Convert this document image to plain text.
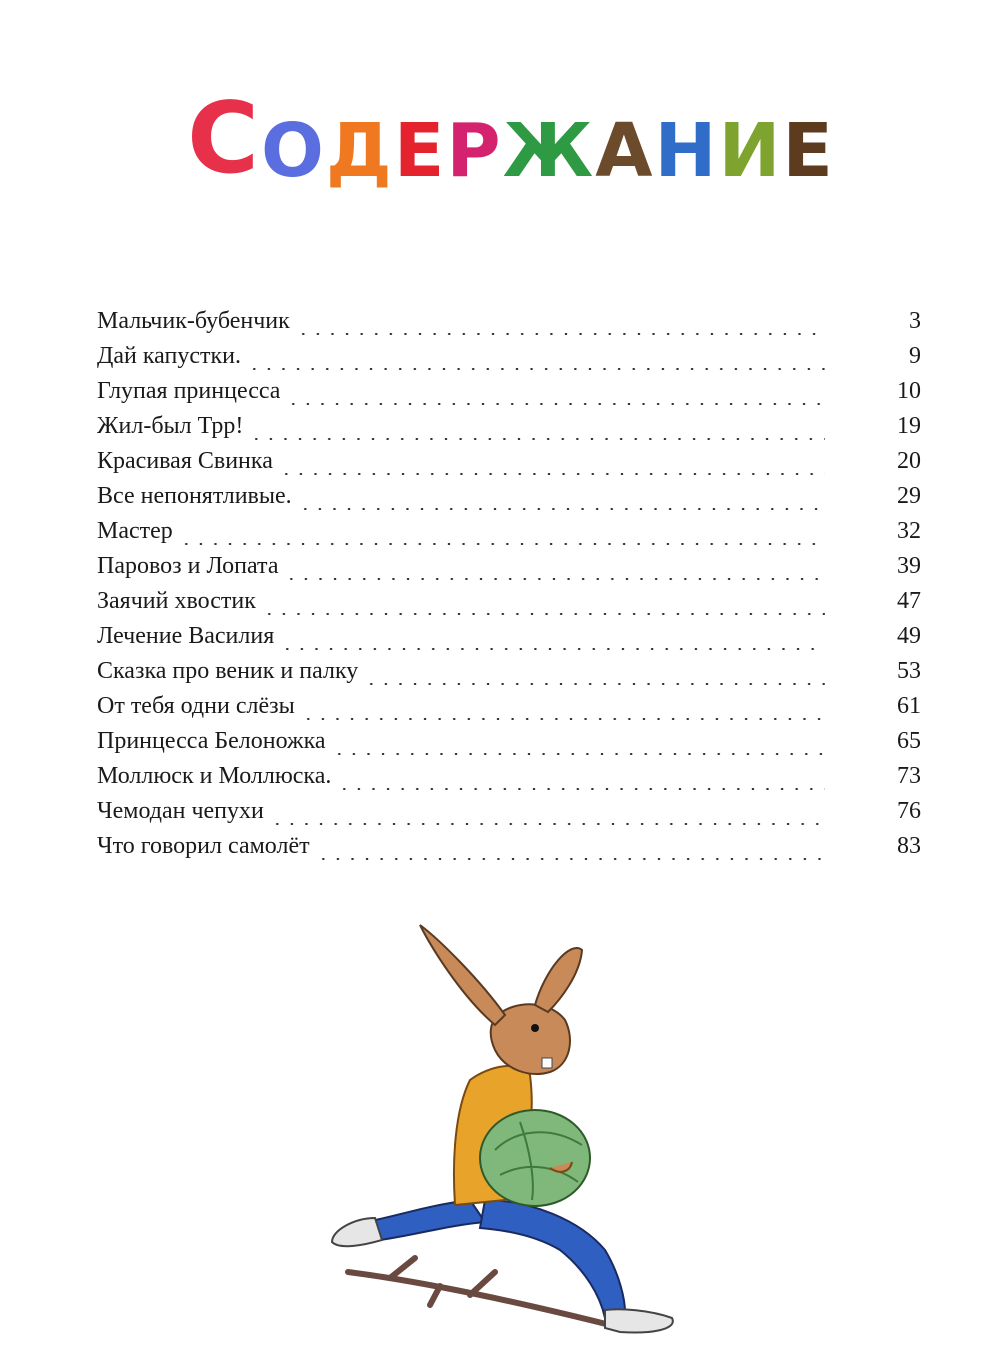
С О Д Е Р Ж А Н И Е
Мальчик-бубенчик	3
Дай капустки.	9
Глупая принцесса	10
Жил-был Трр!	19
Красивая Свинка	20
Все непонятливые.	29
Мастер	32
Паровоз и Лопата	39
Заячий хвостик	47
Лечение Василия	49
Сказка про веник и палку	53
От тебя одни слёзы	61
Принцесса Белоножка	65
Моллюск и Моллюска.	73
Чемодан чепухи	76
Что говорил самолёт	83
